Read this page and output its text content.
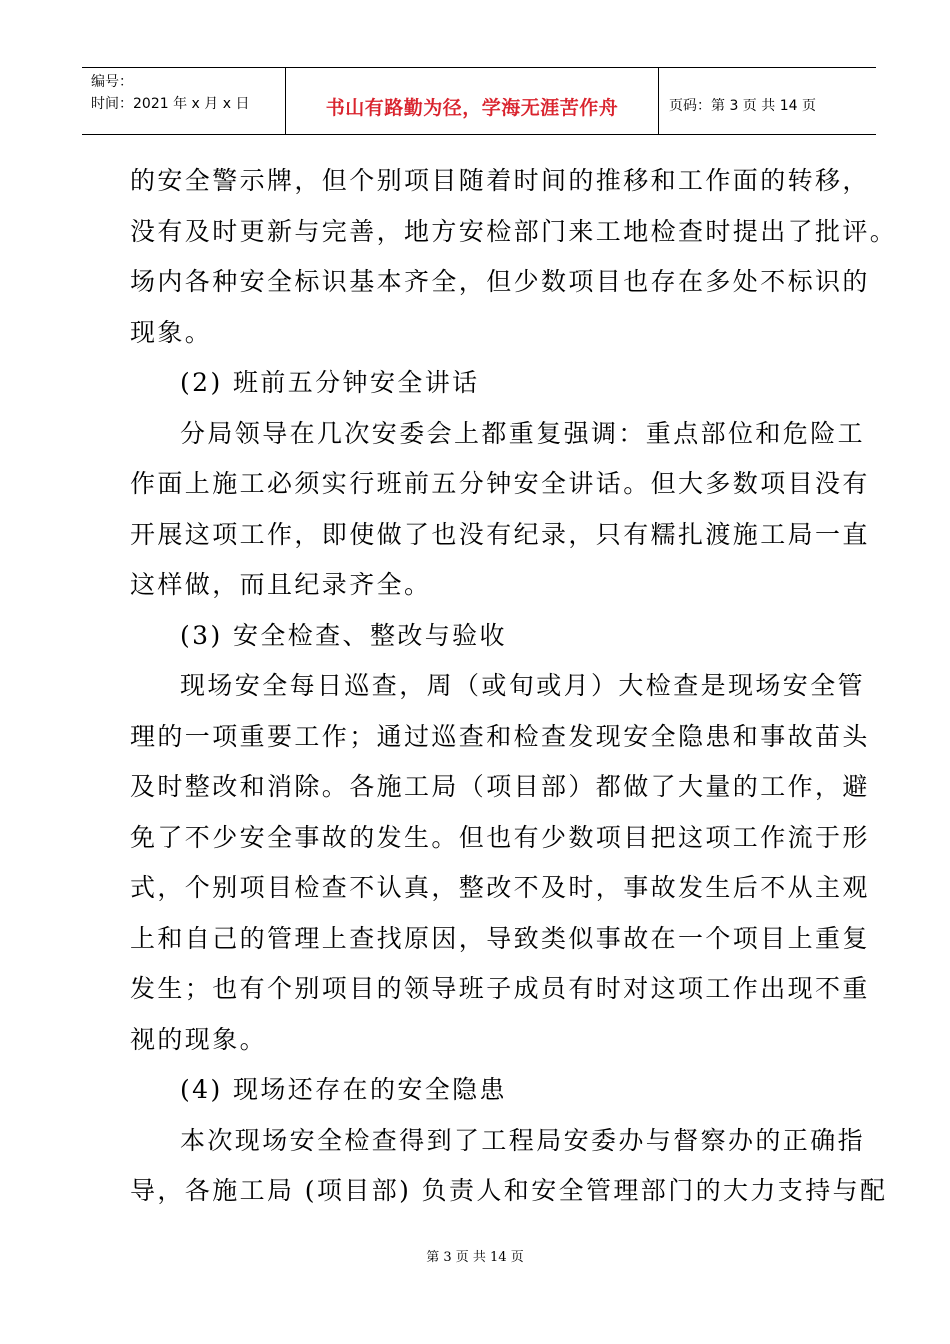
编号：
时间：2021 年 x 月 x 日	书山有路勤为径，学海无涯苦作舟	页码：第 3 页 共 14 页
的安全警示牌，但个别项目随着时间的推移和工作面的转移，
没有及时更新与完善，地方安检部门来工地检查时提出了批评。
场内各种安全标识基本齐全，但少数项目也存在多处不标识的
现象。
(2) 班前五分钟安全讲话
分局领导在几次安委会上都重复强调：重点部位和危险工
作面上施工必须实行班前五分钟安全讲话。但大多数项目没有
开展这项工作，即使做了也没有纪录，只有糯扎渡施工局一直
这样做，而且纪录齐全。
(3) 安全检查、整改与验收
现场安全每日巡查，周（或旬或月）大检查是现场安全管
理的一项重要工作；通过巡查和检查发现安全隐患和事故苗头
及时整改和消除。各施工局（项目部）都做了大量的工作，避
免了不少安全事故的发生。但也有少数项目把这项工作流于形
式，个别项目检查不认真，整改不及时，事故发生后不从主观
上和自己的管理上查找原因，导致类似事故在一个项目上重复
发生；也有个别项目的领导班子成员有时对这项工作出现不重
视的现象。
(4) 现场还存在的安全隐患
本次现场安全检查得到了工程局安委办与督察办的正确指
导，各施工局 (项目部) 负责人和安全管理部门的大力支持与配
第 3 页 共 14 页
